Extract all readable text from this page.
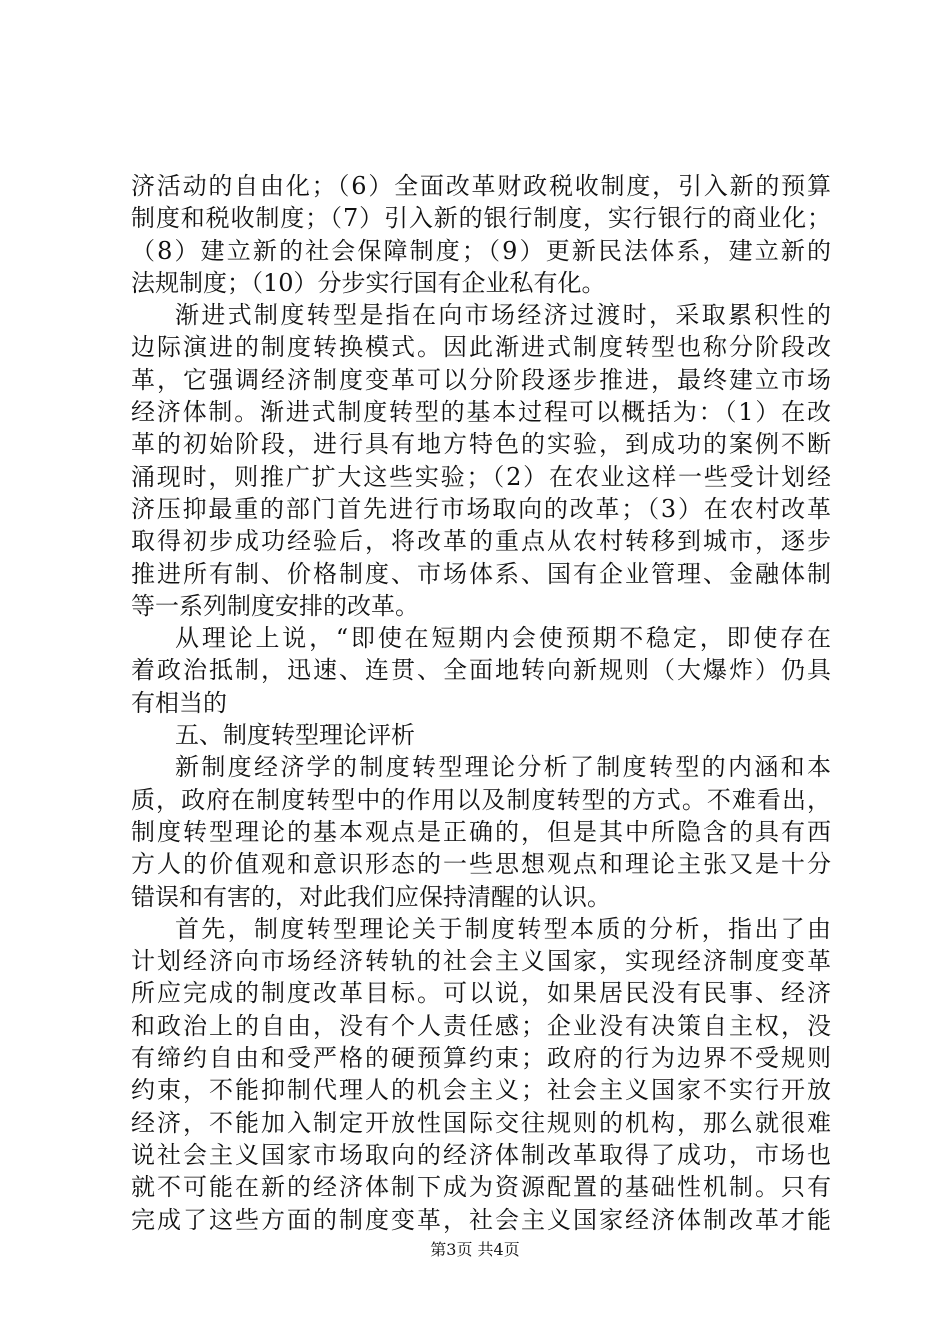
济活动的自由化；（6）全面改革财政税收制度，引入新的预算
制度和税收制度；（7）引入新的银行制度，实行银行的商业化；
（8）建立新的社会保障制度；（9）更新民法体系，建立新的
法规制度；（10）分步实行国有企业私有化。
渐进式制度转型是指在向市场经济过渡时，采取累积性的
边际演进的制度转换模式。因此渐进式制度转型也称分阶段改
革，它强调经济制度变革可以分阶段逐步推进，最终建立市场
经济体制。渐进式制度转型的基本过程可以概括为：（1）在改
革的初始阶段，进行具有地方特色的实验，到成功的案例不断
涌现时，则推广扩大这些实验；（2）在农业这样一些受计划经
济压抑最重的部门首先进行市场取向的改革；（3）在农村改革
取得初步成功经验后，将改革的重点从农村转移到城市，逐步
推进所有制、价格制度、市场体系、国有企业管理、金融体制
等一系列制度安排的改革。
从理论上说，“即使在短期内会使预期不稳定，即使存在
着政治抵制，迅速、连贯、全面地转向新规则（大爆炸）仍具
有相当的
五、制度转型理论评析
新制度经济学的制度转型理论分析了制度转型的内涵和本
质，政府在制度转型中的作用以及制度转型的方式。不难看出，
制度转型理论的基本观点是正确的，但是其中所隐含的具有西
方人的价值观和意识形态的一些思想观点和理论主张又是十分
错误和有害的，对此我们应保持清醒的认识。
首先，制度转型理论关于制度转型本质的分析，指出了由
计划经济向市场经济转轨的社会主义国家，实现经济制度变革
所应完成的制度改革目标。可以说，如果居民没有民事、经济
和政治上的自由，没有个人责任感；企业没有决策自主权，没
有缔约自由和受严格的硬预算约束；政府的行为边界不受规则
约束，不能抑制代理人的机会主义；社会主义国家不实行开放
经济，不能加入制定开放性国际交往规则的机构，那么就很难
说社会主义国家市场取向的经济体制改革取得了成功，市场也
就不可能在新的经济体制下成为资源配置的基础性机制。只有
完成了这些方面的制度变革，社会主义国家经济体制改革才能
第3页 共4页
